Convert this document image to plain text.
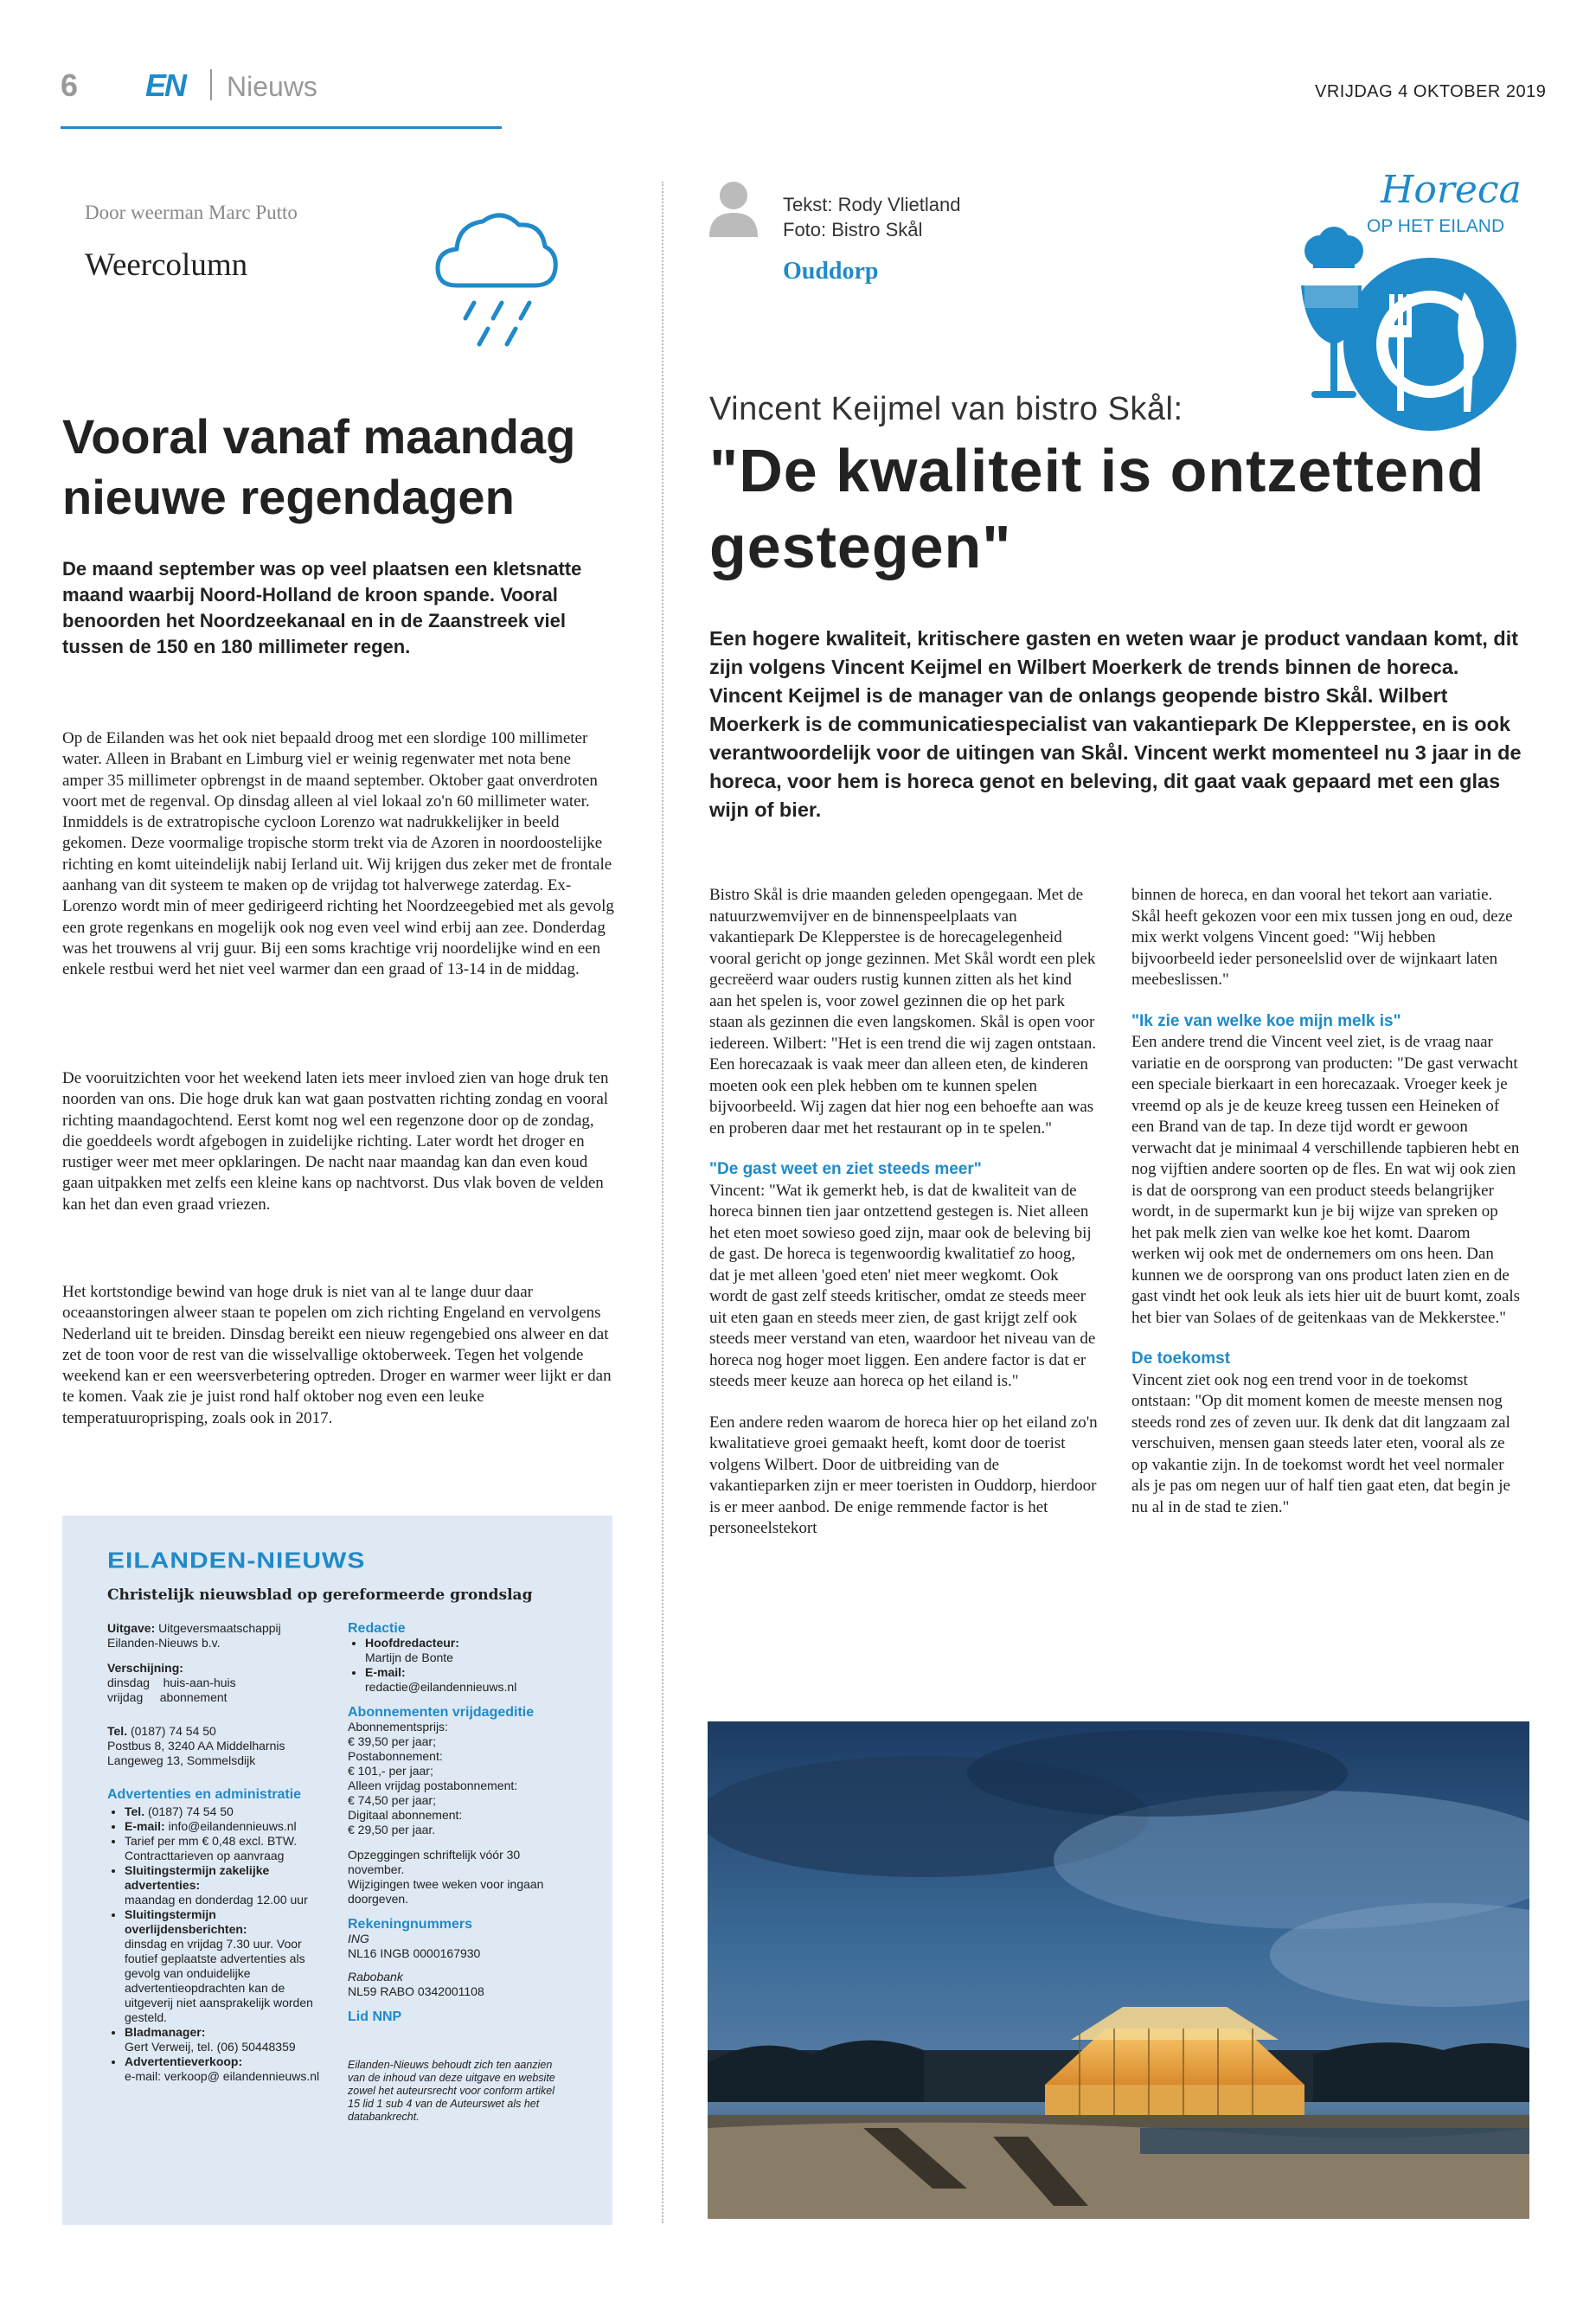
6 EN Nieuws	VRIJDAG 4 OKTOBER 2019
Door weerman Marc Putto
Weercolumn
Vooral vanaf maandag nieuwe regendagen
De maand september was op veel plaatsen een kletsnatte maand waarbij Noord-Holland de kroon spande. Vooral benoorden het Noordzeekanaal en in de Zaanstreek viel tussen de 150 en 180 millimeter regen.
Op de Eilanden was het ook niet bepaald droog met een slordige 100 millimeter water. Alleen in Brabant en Limburg viel er weinig regenwater met nota bene amper 35 millimeter opbrengst in de maand september. Oktober gaat onverdroten voort met de regenval. Op dinsdag alleen al viel lokaal zo'n 60 millimeter water. Inmiddels is de extratropische cycloon Lorenzo wat nadrukkelijker in beeld gekomen. Deze voormalige tropische storm trekt via de Azoren in noordoostelijke richting en komt uiteindelijk nabij Ierland uit. Wij krijgen dus zeker met de frontale aanhang van dit systeem te maken op de vrijdag tot halverwege zaterdag. Ex-Lorenzo wordt min of meer gedirigeerd richting het Noordzeegebied met als gevolg een grote regenkans en mogelijk ook nog even veel wind erbij aan zee. Donderdag was het trouwens al vrij guur. Bij een soms krachtige vrij noordelijke wind en een enkele restbui werd het niet veel warmer dan een graad of 13-14 in de middag.
De vooruitzichten voor het weekend laten iets meer invloed zien van hoge druk ten noorden van ons. Die hoge druk kan wat gaan postvatten richting zondag en vooral richting maandagochtend. Eerst komt nog wel een regenzone door op de zondag, die goeddeels wordt afgebogen in zuidelijke richting. Later wordt het droger en rustiger weer met meer opklaringen. De nacht naar maandag kan dan even koud gaan uitpakken met zelfs een kleine kans op nachtvorst. Dus vlak boven de velden kan het dan even graad vriezen.
Het kortstondige bewind van hoge druk is niet van al te lange duur daar oceaanstoringen alweer staan te popelen om zich richting Engeland en vervolgens Nederland uit te breiden. Dinsdag bereikt een nieuw regengebied ons alweer en dat zet de toon voor de rest van die wisselvallige oktoberweek. Tegen het volgende weekend kan er een weersverbetering optreden. Droger en warmer weer lijkt er dan te komen. Vaak zie je juist rond half oktober nog even een leuke temperatuuroprisping, zoals ook in 2017.
EILANDEN-NIEUWS
Christelijk nieuwsblad op gereformeerde grondslag
Uitgave: Uitgeversmaatschappij Eilanden-Nieuws b.v.
Verschijning:
dinsdag    huis-aan-huis
vrijdag     abonnement
Tel. (0187) 74 54 50
Postbus 8, 3240 AA Middelharnis
Langeweg 13, Sommelsdijk
Advertenties en administratie
• Tel. (0187) 74 54 50
• E-mail: info@eilandennieuws.nl
• Tarief per mm € 0,48 excl. BTW. Contracttarieven op aanvraag
• Sluitingstermijn zakelijke advertenties:
maandag en donderdag 12.00 uur
• Sluitingstermijn overlijdensberichten:
dinsdag en vrijdag 7.30 uur. Voor foutief geplaatste advertenties als gevolg van onduidelijke advertentieopdrachten kan de uitgeverij niet aansprakelijk worden gesteld.
• Bladmanager:
Gert Verweij, tel. (06) 50448359
• Advertentieverkoop:
e-mail: verkoop@ eilandennieuws.nl
Redactie
• Hoofdredacteur:
Martijn de Bonte
• E-mail:
redactie@eilandennieuws.nl
Abonnementen vrijdageditie
Abonnementsprijs:
€ 39,50 per jaar;
Postabonnement:
€ 101,- per jaar;
Alleen vrijdag postabonnement:
€ 74,50 per jaar;
Digitaal abonnement:
€ 29,50 per jaar.
Opzeggingen schriftelijk vóór 30 november.
Wijzigingen twee weken voor ingaan doorgeven.
Rekeningnummers
ING
NL16 INGB 0000167930
Rabobank
NL59 RABO 0342001108
Lid NNP
Eilanden-Nieuws behoudt zich ten aanzien van de inhoud van deze uitgave en website zowel het auteursrecht voor conform artikel 15 lid 1 sub 4 van de Auteurswet als het databankrecht.
Tekst: Rody Vlietland
Foto: Bistro Skål
Ouddorp
Horeca
OP HET EILAND
Vincent Keijmel van bistro Skål:
"De kwaliteit is ontzettend gestegen"
Een hogere kwaliteit, kritischere gasten en weten waar je product vandaan komt, dit zijn volgens Vincent Keijmel en Wilbert Moerkerk de trends binnen de horeca. Vincent Keijmel is de manager van de onlangs geopende bistro Skål. Wilbert Moerkerk is de communicatiespecialist van vakantiepark De Klepperstee, en is ook verantwoordelijk voor de uitingen van Skål. Vincent werkt momenteel nu 3 jaar in de horeca, voor hem is horeca genot en beleving, dit gaat vaak gepaard met een glas wijn of bier.
Bistro Skål is drie maanden geleden opengegaan. Met de natuurzwemvijver en de binnenspeelplaats van vakantiepark De Klepperstee is de horecagelegenheid vooral gericht op jonge gezinnen. Met Skål wordt een plek gecreëerd waar ouders rustig kunnen zitten als het kind aan het spelen is, voor zowel gezinnen die op het park staan als gezinnen die even langskomen. Skål is open voor iedereen. Wilbert: "Het is een trend die wij zagen ontstaan. Een horecazaak is vaak meer dan alleen eten, de kinderen moeten ook een plek hebben om te kunnen spelen bijvoorbeeld. Wij zagen dat hier nog een behoefte aan was en proberen daar met het restaurant op in te spelen."
"De gast weet en ziet steeds meer"
Vincent: "Wat ik gemerkt heb, is dat de kwaliteit van de horeca binnen tien jaar ontzettend gestegen is. Niet alleen het eten moet sowieso goed zijn, maar ook de beleving bij de gast. De horeca is tegenwoordig kwalitatief zo hoog, dat je met alleen 'goed eten' niet meer wegkomt. Ook wordt de gast zelf steeds kritischer, omdat ze steeds meer uit eten gaan en steeds meer zien, de gast krijgt zelf ook steeds meer verstand van eten, waardoor het niveau van de horeca nog hoger moet liggen. Een andere factor is dat er steeds meer keuze aan horeca op het eiland is."
Een andere reden waarom de horeca hier op het eiland zo'n kwalitatieve groei gemaakt heeft, komt door de toerist volgens Wilbert. Door de uitbreiding van de vakantieparken zijn er meer toeristen in Ouddorp, hierdoor is er meer aanbod. De enige remmende factor is het personeelstekort
binnen de horeca, en dan vooral het tekort aan variatie. Skål heeft gekozen voor een mix tussen jong en oud, deze mix werkt volgens Vincent goed: "Wij hebben bijvoorbeeld ieder personeelslid over de wijnkaart laten meebeslissen."
"Ik zie van welke koe mijn melk is"
Een andere trend die Vincent veel ziet, is de vraag naar variatie en de oorsprong van producten: "De gast verwacht een speciale bierkaart in een horecazaak. Vroeger keek je vreemd op als je de keuze kreeg tussen een Heineken of een Brand van de tap. In deze tijd wordt er gewoon verwacht dat je minimaal 4 verschillende tapbieren hebt en nog vijftien andere soorten op de fles. En wat wij ook zien is dat de oorsprong van een product steeds belangrijker wordt, in de supermarkt kun je bij wijze van spreken op het pak melk zien van welke koe het komt. Daarom werken wij ook met de ondernemers om ons heen. Dan kunnen we de oorsprong van ons product laten zien en de gast vindt het ook leuk als iets hier uit de buurt komt, zoals het bier van Solaes of de geitenkaas van de Mekkerstee."
De toekomst
Vincent ziet ook nog een trend voor in de toekomst ontstaan: "Op dit moment komen de meeste mensen nog steeds rond zes of zeven uur. Ik denk dat dit langzaam zal verschuiven, mensen gaan steeds later eten, vooral als ze op vakantie zijn. In de toekomst wordt het veel normaler als je pas om negen uur of half tien gaat eten, dat begin je nu al in de stad te zien."
